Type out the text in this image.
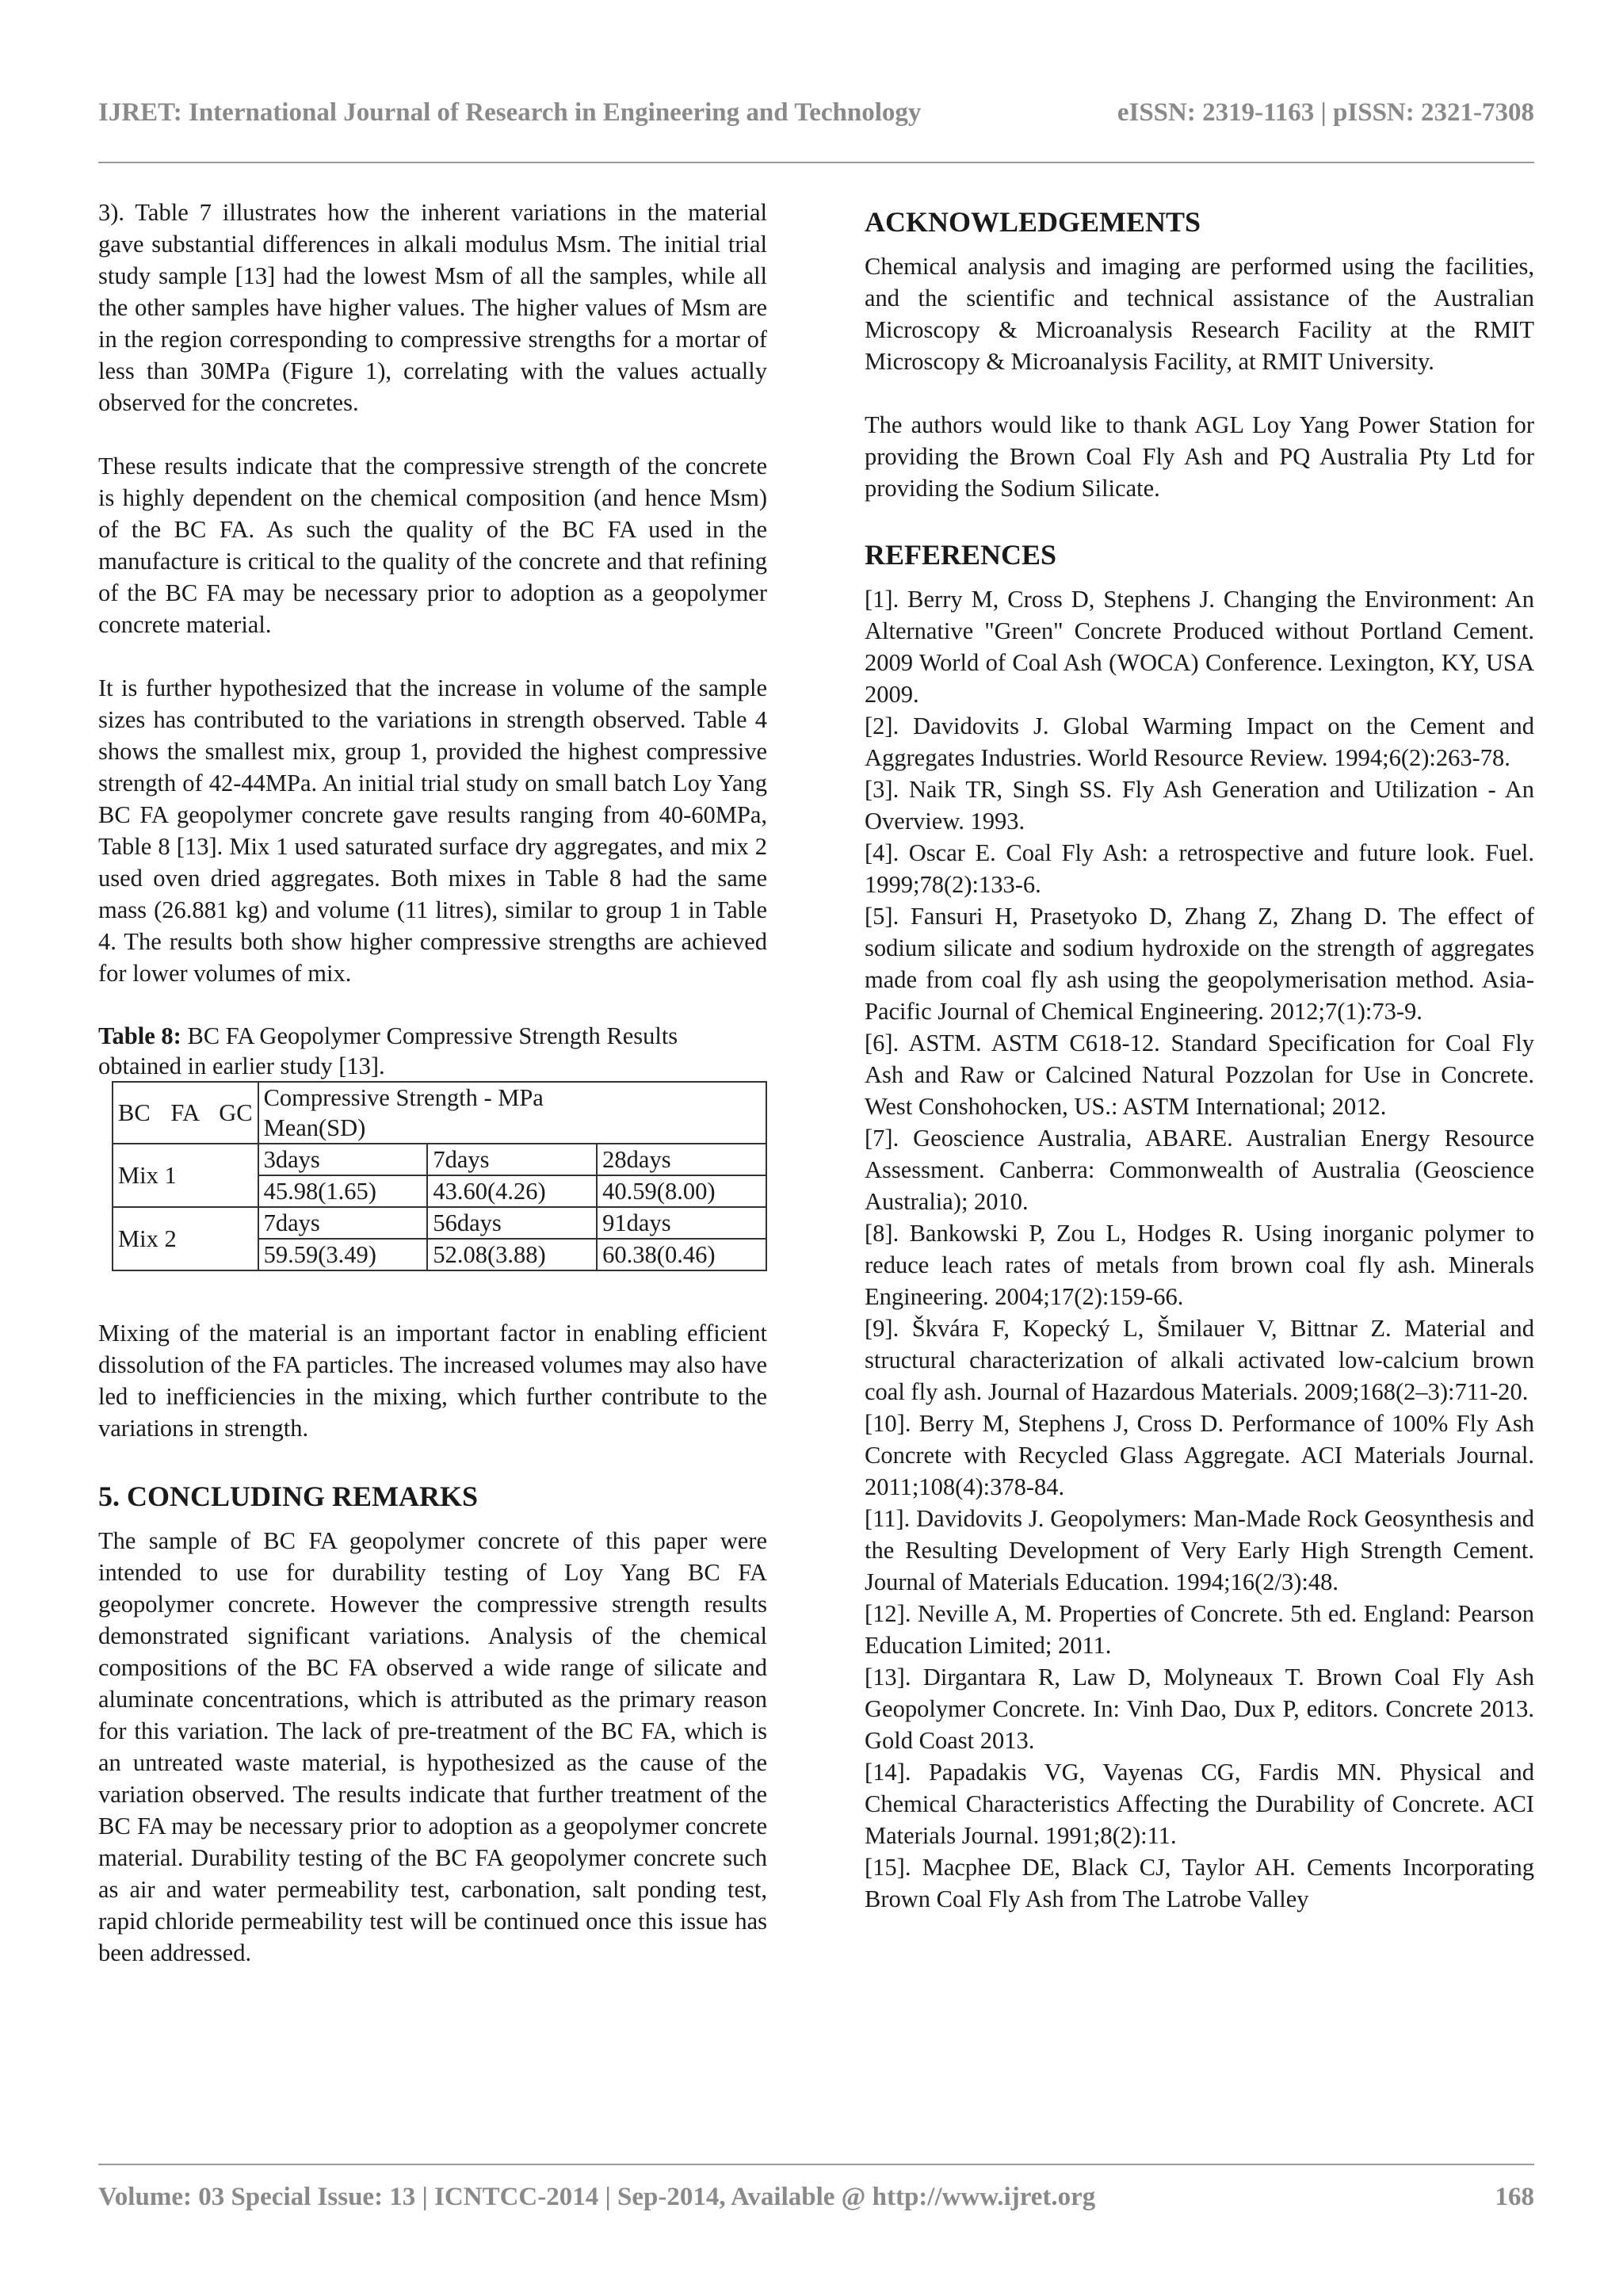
IJRET: International Journal of Research in Engineering and Technology	eISSN: 2319-1163 | pISSN: 2321-7308

3). Table 7 illustrates how the inherent variations in the material gave substantial differences in alkali modulus Msm. The initial trial study sample [13] had the lowest Msm of all the samples, while all the other samples have higher values. The higher values of Msm are in the region corresponding to compressive strengths for a mortar of less than 30MPa (Figure 1), correlating with the values actually observed for the concretes.

These results indicate that the compressive strength of the concrete is highly dependent on the chemical composition (and hence Msm) of the BC FA. As such the quality of the BC FA used in the manufacture is critical to the quality of the concrete and that refining of the BC FA may be necessary prior to adoption as a geopolymer concrete material.

It is further hypothesized that the increase in volume of the sample sizes has contributed to the variations in strength observed. Table 4 shows the smallest mix, group 1, provided the highest compressive strength of 42-44MPa. An initial trial study on small batch Loy Yang BC FA geopolymer concrete gave results ranging from 40-60MPa, Table 8 [13]. Mix 1 used saturated surface dry aggregates, and mix 2 used oven dried aggregates. Both mixes in Table 8 had the same mass (26.881 kg) and volume (11 litres), similar to group 1 in Table 4. The results both show higher compressive strengths are achieved for lower volumes of mix.

Table 8: BC FA Geopolymer Compressive Strength Results
obtained in earlier study [13].

BC FA GC	Compressive Strength - MPa
Mean(SD)		
Mix 1	3days	7days	28days
	45.98(1.65)	43.60(4.26)	40.59(8.00)
Mix 2	7days	56days	91days
	59.59(3.49)	52.08(3.88)	60.38(0.46)

Mixing of the material is an important factor in enabling efficient dissolution of the FA particles. The increased volumes may also have led to inefficiencies in the mixing, which further contribute to the variations in strength.

5. CONCLUDING REMARKS

The sample of BC FA geopolymer concrete of this paper were intended to use for durability testing of Loy Yang BC FA geopolymer concrete. However the compressive strength results demonstrated significant variations. Analysis of the chemical compositions of the BC FA observed a wide range of silicate and aluminate concentrations, which is attributed as the primary reason for this variation. The lack of pre-treatment of the BC FA, which is an untreated waste material, is hypothesized as the cause of the variation observed. The results indicate that further treatment of the BC FA may be necessary prior to adoption as a geopolymer concrete material. Durability testing of the BC FA geopolymer concrete such as air and water permeability test, carbonation, salt ponding test, rapid chloride permeability test will be continued once this issue has been addressed.

ACKNOWLEDGEMENTS

Chemical analysis and imaging are performed using the facilities, and the scientific and technical assistance of the Australian Microscopy & Microanalysis Research Facility at the RMIT Microscopy & Microanalysis Facility, at RMIT University.

The authors would like to thank AGL Loy Yang Power Station for providing the Brown Coal Fly Ash and PQ Australia Pty Ltd for providing the Sodium Silicate.

REFERENCES

[1]. Berry M, Cross D, Stephens J. Changing the Environment: An Alternative "Green" Concrete Produced without Portland Cement. 2009 World of Coal Ash (WOCA) Conference. Lexington, KY, USA 2009.

[2]. Davidovits J. Global Warming Impact on the Cement and Aggregates Industries. World Resource Review. 1994;6(2):263-78.

[3]. Naik TR, Singh SS. Fly Ash Generation and Utilization - An Overview. 1993.

[4]. Oscar E. Coal Fly Ash: a retrospective and future look. Fuel. 1999;78(2):133-6.

[5]. Fansuri H, Prasetyoko D, Zhang Z, Zhang D. The effect of sodium silicate and sodium hydroxide on the strength of aggregates made from coal fly ash using the geopolymerisation method. Asia-Pacific Journal of Chemical Engineering. 2012;7(1):73-9.

[6]. ASTM. ASTM C618-12. Standard Specification for Coal Fly Ash and Raw or Calcined Natural Pozzolan for Use in Concrete. West Conshohocken, US.: ASTM International; 2012.

[7]. Geoscience Australia, ABARE. Australian Energy Resource Assessment. Canberra: Commonwealth of Australia (Geoscience Australia); 2010.

[8]. Bankowski P, Zou L, Hodges R. Using inorganic polymer to reduce leach rates of metals from brown coal fly ash. Minerals Engineering. 2004;17(2):159-66.

[9]. Škvára F, Kopecký L, Šmilauer V, Bittnar Z. Material and structural characterization of alkali activated low-calcium brown coal fly ash. Journal of Hazardous Materials. 2009;168(2–3):711-20.

[10]. Berry M, Stephens J, Cross D. Performance of 100% Fly Ash Concrete with Recycled Glass Aggregate. ACI Materials Journal. 2011;108(4):378-84.

[11]. Davidovits J. Geopolymers: Man-Made Rock Geosynthesis and the Resulting Development of Very Early High Strength Cement. Journal of Materials Education. 1994;16(2/3):48.

[12]. Neville A, M. Properties of Concrete. 5th ed. England: Pearson Education Limited; 2011.

[13]. Dirgantara R, Law D, Molyneaux T. Brown Coal Fly Ash Geopolymer Concrete. In: Vinh Dao, Dux P, editors. Concrete 2013. Gold Coast 2013.

[14]. Papadakis VG, Vayenas CG, Fardis MN. Physical and Chemical Characteristics Affecting the Durability of Concrete. ACI Materials Journal. 1991;8(2):11.

[15]. Macphee DE, Black CJ, Taylor AH. Cements Incorporating Brown Coal Fly Ash from The Latrobe Valley

Volume: 03 Special Issue: 13 | ICNTCC-2014 | Sep-2014, Available @ http://www.ijret.org	168
